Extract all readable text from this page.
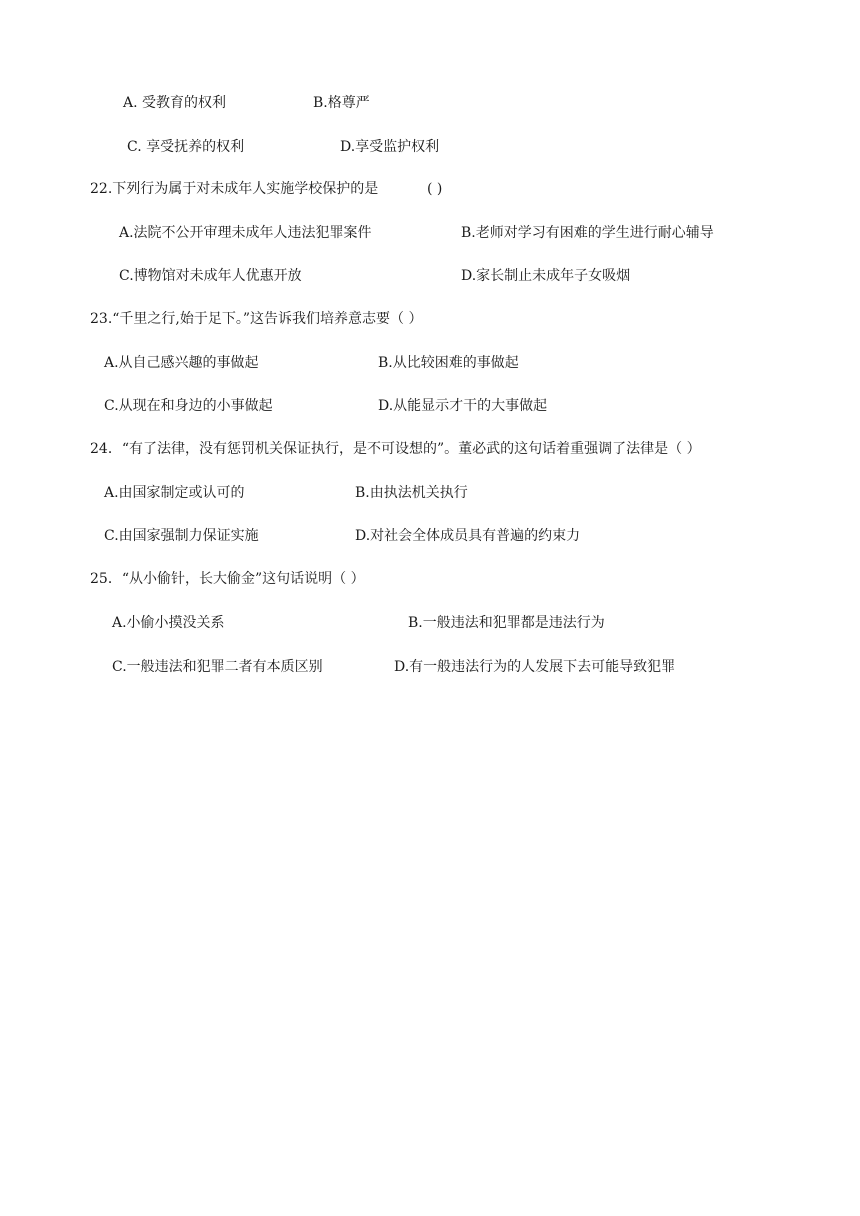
A. 受教育的权利	B.格尊严
C. 享受抚养的权利	D.享受监护权利
22.下列行为属于对未成年人实施学校保护的是	( )
A.法院不公开审理未成年人违法犯罪案件	B.老师对学习有困难的学生进行耐心辅导
C.博物馆对未成年人优惠开放	D.家长制止未成年子女吸烟
23.“千里之行,始于足下。”这告诉我们培养意志要（ ）
A.从自己感兴趣的事做起	B.从比较困难的事做起
C.从现在和身边的小事做起	D.从能显示才干的大事做起
24．“有了法律，没有惩罚机关保证执行，是不可设想的”。董必武的这句话着重强调了法律是（ ）
A.由国家制定或认可的	B.由执法机关执行
C.由国家强制力保证实施	D.对社会全体成员具有普遍的约束力
25．“从小偷针，长大偷金”这句话说明（ ）
A.小偷小摸没关系	B.一般违法和犯罪都是违法行为
C.一般违法和犯罪二者有本质区别	D.有一般违法行为的人发展下去可能导致犯罪
